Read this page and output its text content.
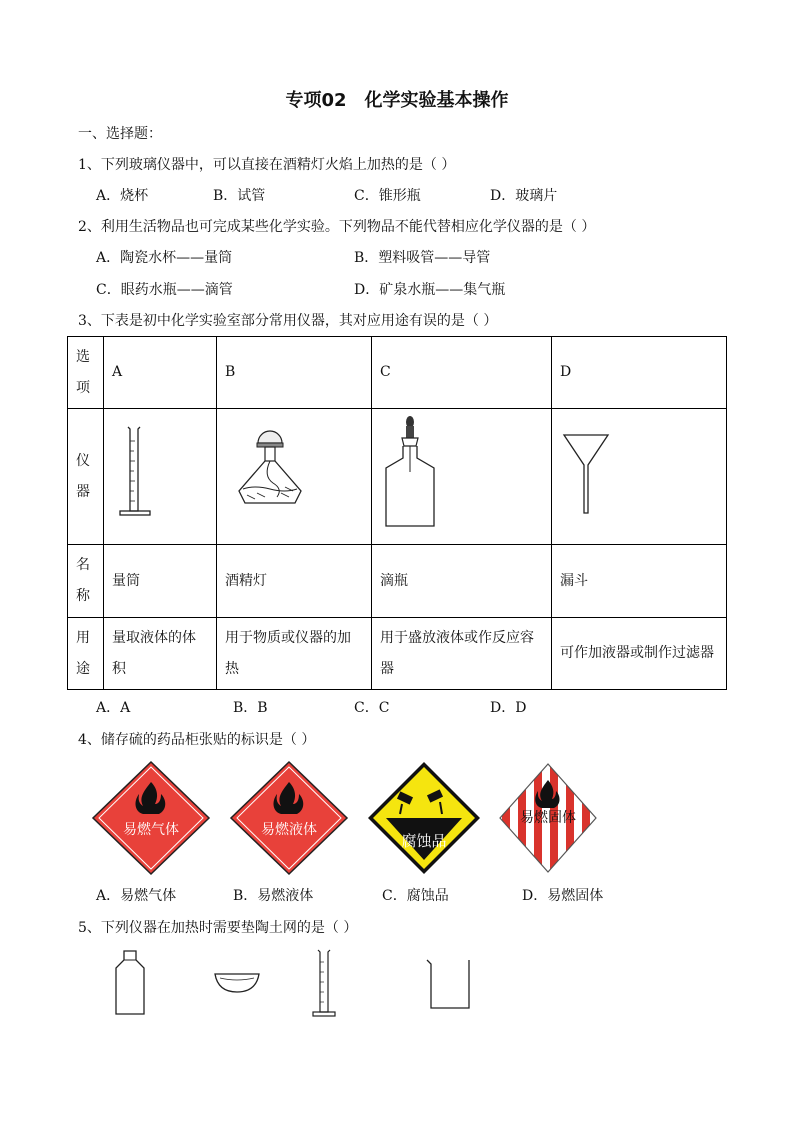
专项02　化学实验基本操作
一、选择题：
1、下列玻璃仪器中，可以直接在酒精灯火焰上加热的是（ ）
A．烧杯	B．试管	C．锥形瓶	D．玻璃片
2、利用生活物品也可完成某些化学实验。下列物品不能代替相应化学仪器的是（ ）
A．陶瓷水杯——量筒	B．塑料吸管——导管
C．眼药水瓶——滴管	D．矿泉水瓶——集气瓶
3、下表是初中化学实验室部分常用仪器，其对应用途有误的是（ ）
选
项	A	B	C	D
仪
器				
名
称	量筒	酒精灯	滴瓶	漏斗
用
途	量取液体的体积	用于物质或仪器的加热	用于盛放液体或作反应容器	可作加液器或制作过滤器
A．A	B．B	C．C	D．D
4、储存硫的药品柜张贴的标识是（ ）
易燃气体	易燃液体
腐蚀品
易燃固体
A．易燃气体	B．易燃液体	C．腐蚀品	D．易燃固体
5、下列仪器在加热时需要垫陶土网的是（ ）
